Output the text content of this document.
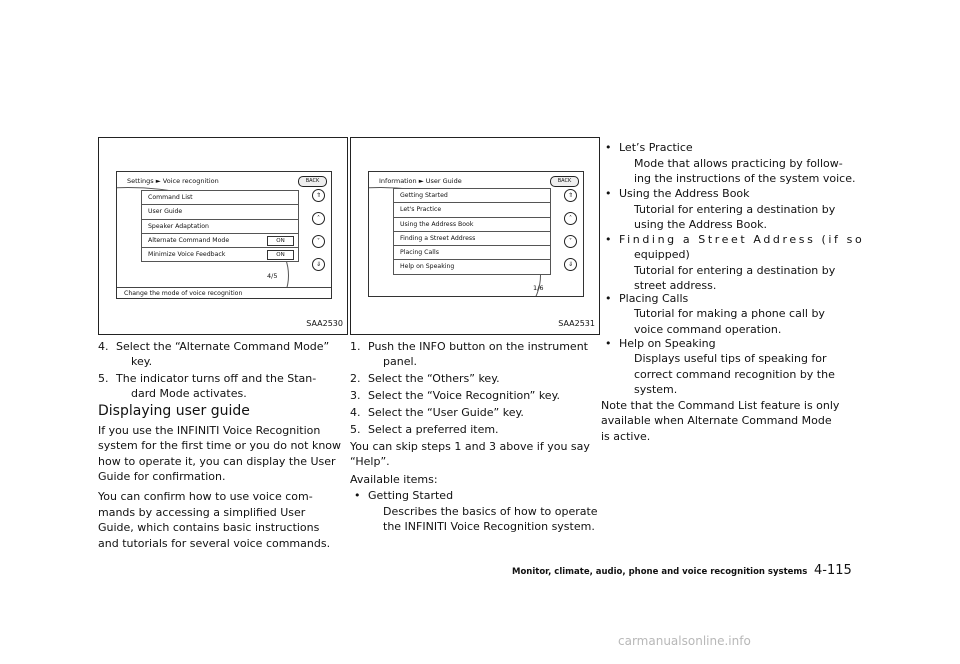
Settings ► Voice recognition	BACK
Command List
User Guide
Speaker Adaptation
Alternate Command Mode	ON
Minimize Voice Feedback	ON
4/5
⇑
˄
˅
⇓
Change the mode of voice recognition
SAA2530
Information ► User Guide	BACK
Getting Started
Let's Practice
Using the Address Book
Finding a Street Address
Placing Calls
Help on Speaking
1/6
⇑
˄
˅
⇓
SAA2531
4. Select the “Alternate Command Mode”
key.
5. The indicator turns off and the Stan-
dard Mode activates.
Displaying user guide
If you use the INFINITI Voice Recognition
system for the first time or you do not know
how to operate it, you can display the User
Guide for confirmation.
You can confirm how to use voice com-
mands by accessing a simplified User
Guide, which contains basic instructions
and tutorials for several voice commands.
1. Push the INFO button on the instrument
panel.
2. Select the “Others” key.
3. Select the “Voice Recognition” key.
4. Select the “User Guide” key.
5. Select a preferred item.
You can skip steps 1 and 3 above if you say
“Help”.
Available items:
• Getting Started
Describes the basics of how to operate
the INFINITI Voice Recognition system.
• Let’s Practice
Mode that allows practicing by follow-
ing the instructions of the system voice.
• Using the Address Book
Tutorial for entering a destination by
using the Address Book.
• Finding a Street Address (if so
equipped)
Tutorial for entering a destination by
street address.
• Placing Calls
Tutorial for making a phone call by
voice command operation.
• Help on Speaking
Displays useful tips of speaking for
correct command recognition by the
system.
Note that the Command List feature is only
available when Alternate Command Mode
is active.
Monitor, climate, audio, phone and voice recognition systems 4-115
carmanualsonline.info
